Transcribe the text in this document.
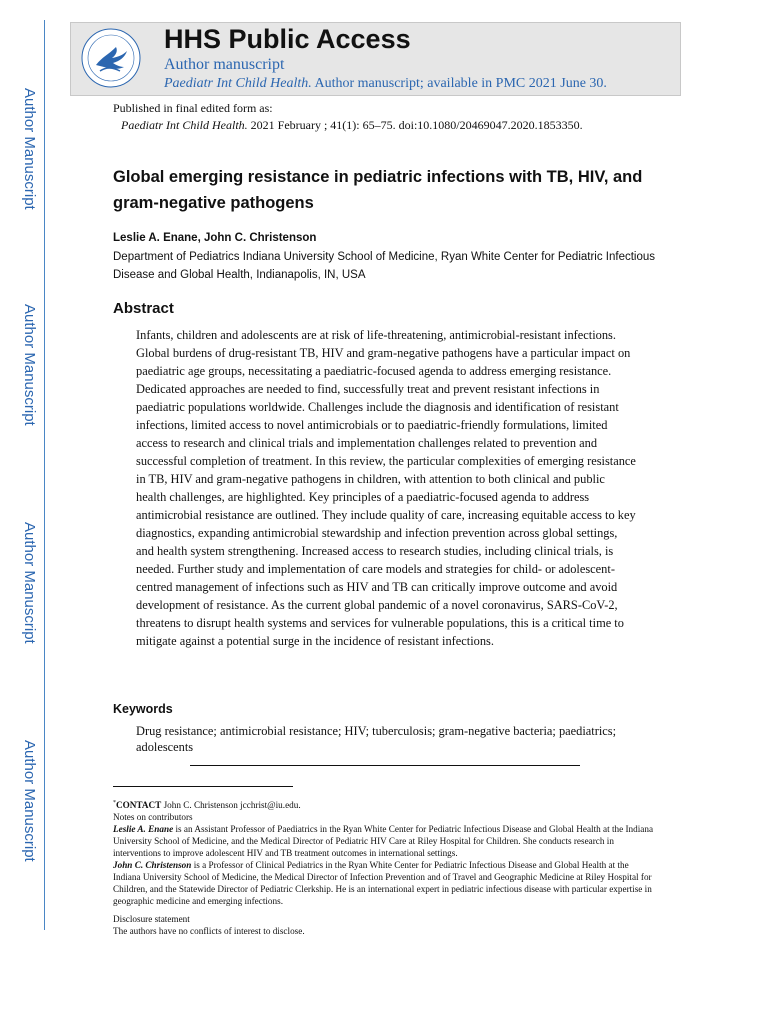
Author Manuscript
Author Manuscript
Author Manuscript
Author Manuscript
HHS Public Access
Author manuscript
Paediatr Int Child Health. Author manuscript; available in PMC 2021 June 30.
Published in final edited form as:
Paediatr Int Child Health. 2021 February ; 41(1): 65–75. doi:10.1080/20469047.2020.1853350.
Global emerging resistance in pediatric infections with TB, HIV, and gram-negative pathogens
Leslie A. Enane, John C. Christenson
Department of Pediatrics Indiana University School of Medicine, Ryan White Center for Pediatric Infectious Disease and Global Health, Indianapolis, IN, USA
Abstract

Infants, children and adolescents are at risk of life-threatening, antimicrobial-resistant infections. Global burdens of drug-resistant TB, HIV and gram-negative pathogens have a particular impact on paediatric age groups, necessitating a paediatric-focused agenda to address emerging resistance. Dedicated approaches are needed to find, successfully treat and prevent resistant infections in paediatric populations worldwide. Challenges include the diagnosis and identification of resistant infections, limited access to novel antimicrobials or to paediatric-friendly formulations, limited access to research and clinical trials and implementation challenges related to prevention and successful completion of treatment. In this review, the particular complexities of emerging resistance in TB, HIV and gram-negative pathogens in children, with attention to both clinical and public health challenges, are highlighted. Key principles of a paediatric-focused agenda to address antimicrobial resistance are outlined. They include quality of care, increasing equitable access to key diagnostics, expanding antimicrobial stewardship and infection prevention across global settings, and health system strengthening. Increased access to research studies, including clinical trials, is needed. Further study and implementation of care models and strategies for child- or adolescent-centred management of infections such as HIV and TB can critically improve outcome and avoid development of resistance. As the current global pandemic of a novel coronavirus, SARS-CoV-2, threatens to disrupt health systems and services for vulnerable populations, this is a critical time to mitigate against a potential surge in the incidence of resistant infections.

Keywords

Drug resistance; antimicrobial resistance; HIV; tuberculosis; gram-negative bacteria; paediatrics; adolescents

*CONTACT John C. Christenson jcchrist@iu.edu.

Notes on contributors

Leslie A. Enane is an Assistant Professor of Paediatrics in the Ryan White Center for Pediatric Infectious Disease and Global Health at the Indiana University School of Medicine, and the Medical Director of Pediatric HIV Care at Riley Hospital for Children. She conducts research in interventions to improve adolescent HIV and TB treatment outcomes in international settings.

John C. Christenson is a Professor of Clinical Pediatrics in the Ryan White Center for Pediatric Infectious Disease and Global Health at the Indiana University School of Medicine, the Medical Director of Infection Prevention and of Travel and Geographic Medicine at Riley Hospital for Children, and the Statewide Director of Pediatric Clerkship. He is an international expert in pediatric infectious disease with particular expertise in geographic medicine and emerging infections.

Disclosure statement

The authors have no conflicts of interest to disclose.
